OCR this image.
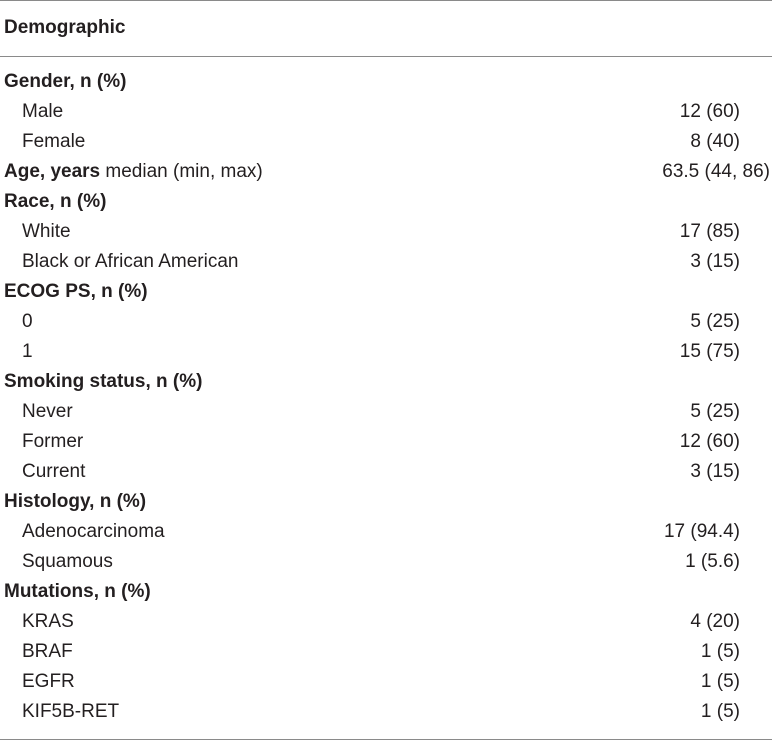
Demographic
Gender, n (%)
Male	12 (60)
Female	8 (40)
Age, years median (min, max)	63.5 (44, 86)
Race, n (%)
White	17 (85)
Black or African American	3 (15)
ECOG PS, n (%)
0	5 (25)
1	15 (75)
Smoking status, n (%)
Never	5 (25)
Former	12 (60)
Current	3 (15)
Histology, n (%)
Adenocarcinoma	17 (94.4)
Squamous	1 (5.6)
Mutations, n (%)
KRAS	4 (20)
BRAF	1 (5)
EGFR	1 (5)
KIF5B-RET	1 (5)
